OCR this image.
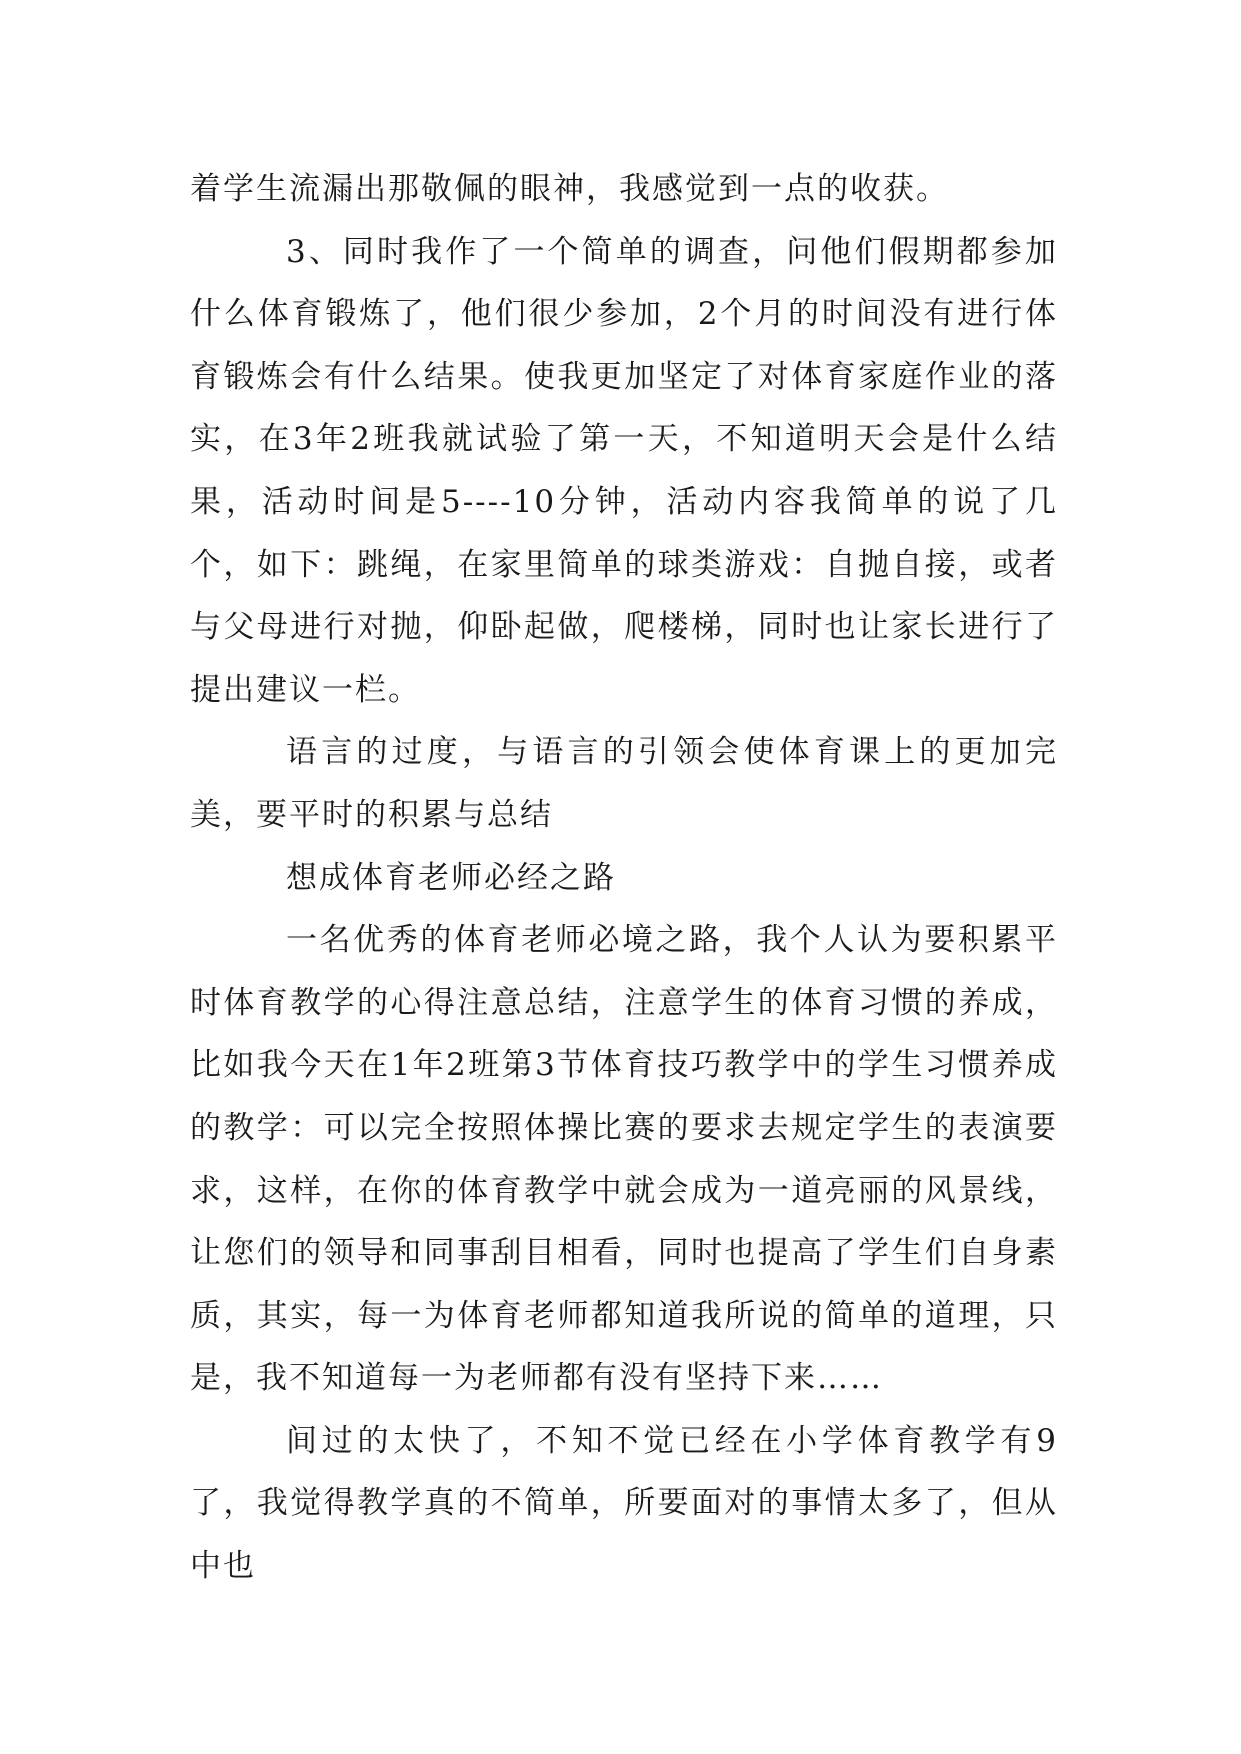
着学生流漏出那敬佩的眼神，我感觉到一点的收获。

3、同时我作了一个简单的调查，问他们假期都参加什么体育锻炼了，他们很少参加，2个月的时间没有进行体育锻炼会有什么结果。使我更加坚定了对体育家庭作业的落实，在3年2班我就试验了第一天，不知道明天会是什么结果，活动时间是5----10分钟，活动内容我简单的说了几个，如下：跳绳，在家里简单的球类游戏：自抛自接，或者与父母进行对抛，仰卧起做，爬楼梯，同时也让家长进行了提出建议一栏。

语言的过度，与语言的引领会使体育课上的更加完美，要平时的积累与总结

想成体育老师必经之路

一名优秀的体育老师必境之路，我个人认为要积累平时体育教学的心得注意总结，注意学生的体育习惯的养成，比如我今天在1年2班第3节体育技巧教学中的学生习惯养成的教学：可以完全按照体操比赛的要求去规定学生的表演要求，这样，在你的体育教学中就会成为一道亮丽的风景线，让您们的领导和同事刮目相看，同时也提高了学生们自身素质，其实，每一为体育老师都知道我所说的简单的道理，只是，我不知道每一为老师都有没有坚持下来……

间过的太快了，不知不觉已经在小学体育教学有9了，我觉得教学真的不简单，所要面对的事情太多了，但从中也
